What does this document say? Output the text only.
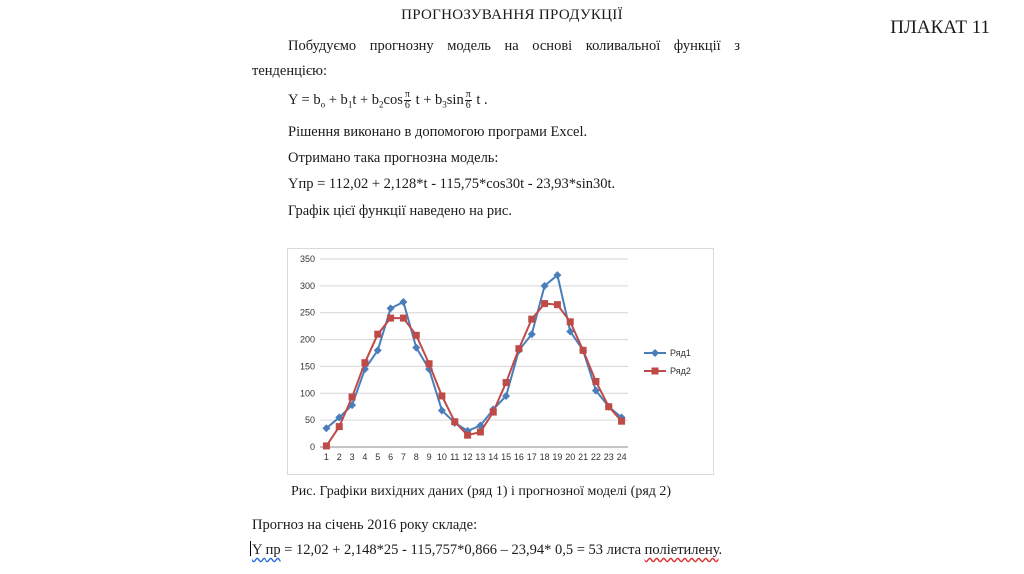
ПЛАКАТ 11
ПРОГНОЗУВАННЯ ПРОДУКЦІЇ
Побудуємо прогнозну модель на основі коливальної функції з тенденцією:
$Y = b_o + b_1t + b_2\cos \frac{\pi}{6}$ $t + b_3\sin \frac{\pi}{6}$ t .
Рішення виконано в допомогою програми Excel.
Отримано така прогнозна модель:
Yпр = 112,02 + 2,128*t - 115,75*cos30t - 23,93*sin30t.
Графік цієї функції наведено на рис.
0
50
100
150
200
250
300
350
1 2 3 4 5 6 7 8 9 10 11 12 13 14 15 16 17 18 19 20 21 22 23 24
Ряд1
Ряд2
Рис. Графіки вихідних даних (ряд 1) і прогнозної моделі (ряд 2)
Прогноз на січень 2016 року складе:
Y пр = 12,02 + 2,148*25 - 115,757*0,866 – 23,94* 0,5 = 53 листа поліетилену.
